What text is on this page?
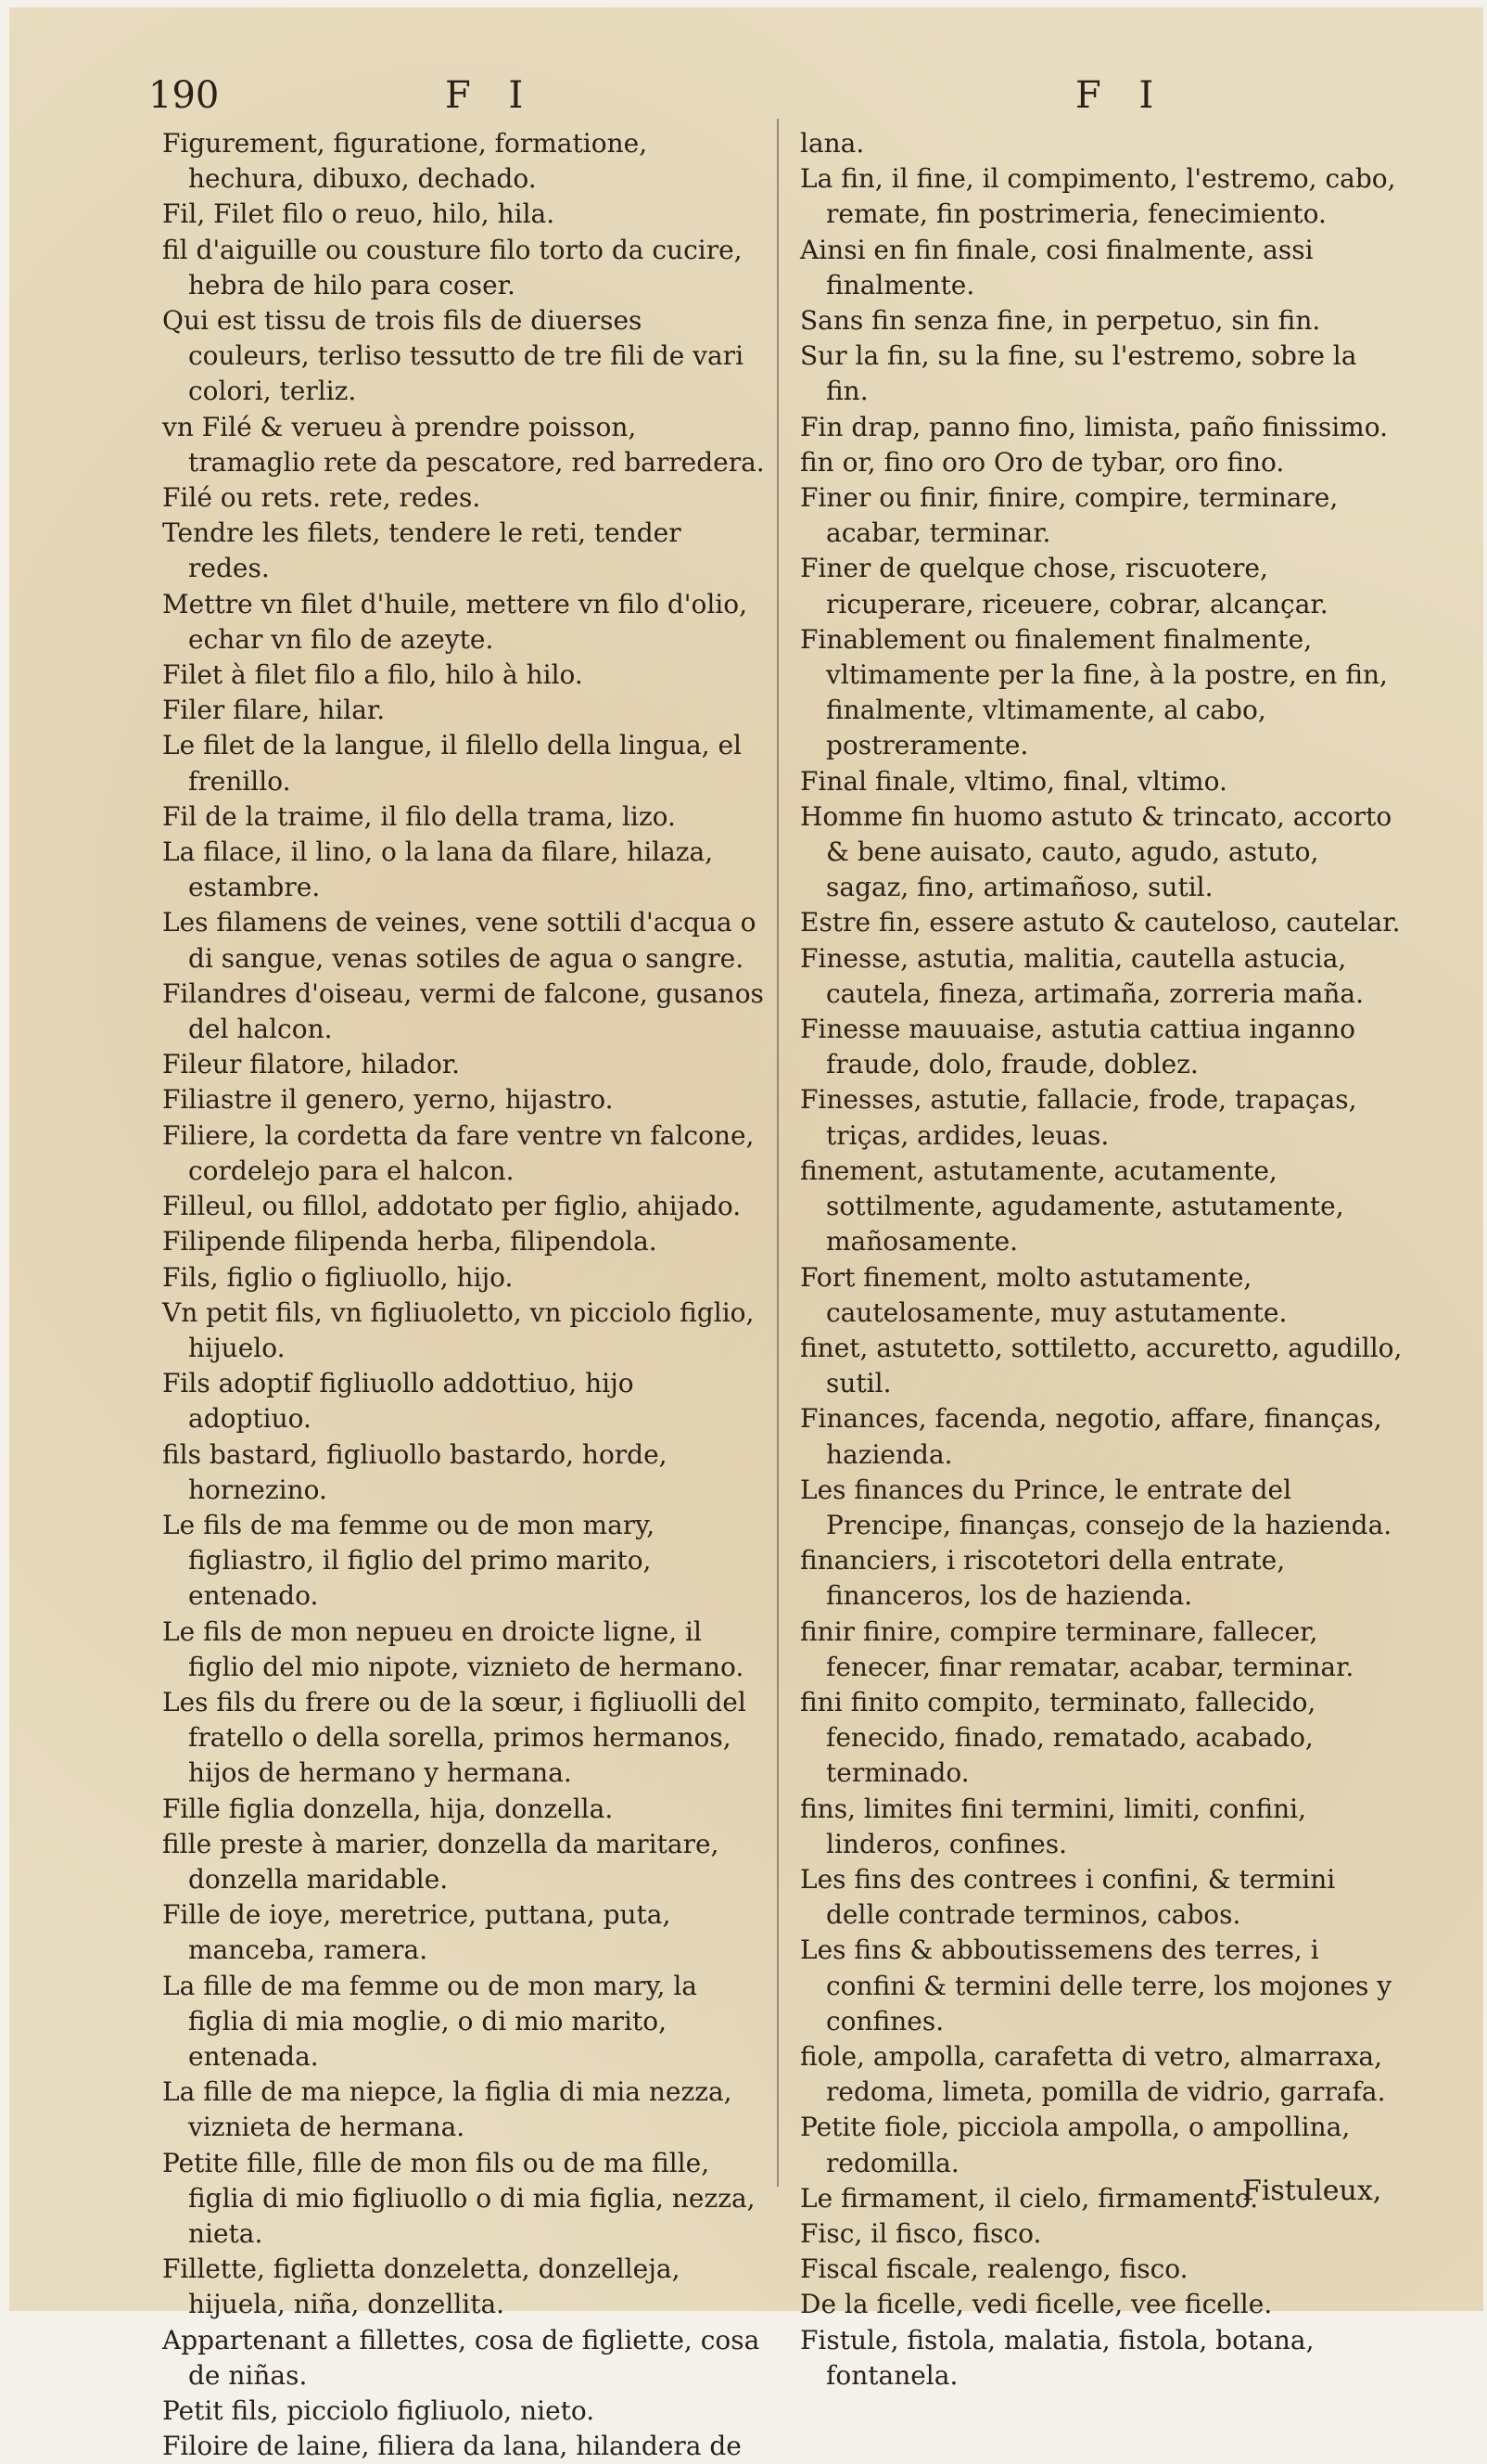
190	F I	F I

Figurement, figuratione, formatione, hechura, dibuxo, dechado.

Fil, Filet filo o reuo, hilo, hila.

fil d'aiguille ou cousture filo torto da cucire, hebra de hilo para coser.

Qui est tissu de trois fils de diuerses couleurs, terliso tessutto de tre fili de vari colori, terliz.

vn Filé & verueu à prendre poisson, tramaglio rete da pescatore, red barredera.

Filé ou rets. rete, redes.

Tendre les filets, tendere le reti, tender redes.

Mettre vn filet d'huile, mettere vn filo d'olio, echar vn filo de azeyte.

Filet à filet filo a filo, hilo à hilo.

Filer filare, hilar.

Le filet de la langue, il filello della lingua, el frenillo.

Fil de la traime, il filo della trama, lizo.

La filace, il lino, o la lana da filare, hilaza, estambre.

Les filamens de veines, vene sottili d'acqua o di sangue, venas sotiles de agua o sangre.

Filandres d'oiseau, vermi de falcone, gusanos del halcon.

Fileur filatore, hilador.

Filiastre il genero, yerno, hijastro.

Filiere, la cordetta da fare ventre vn falcone, cordelejo para el halcon.

Filleul, ou fillol, addotato per figlio, ahijado.

Filipende filipenda herba, filipendola.

Fils, figlio o figliuollo, hijo.

Vn petit fils, vn figliuoletto, vn picciolo figlio, hijuelo.

Fils adoptif figliuollo addottiuo, hijo adoptiuo.

fils bastard, figliuollo bastardo, horde, hornezino.

Le fils de ma femme ou de mon mary, figliastro, il figlio del primo marito, entenado.

Le fils de mon nepueu en droicte ligne, il figlio del mio nipote, viznieto de hermano.

Les fils du frere ou de la sœur, i figliuolli del fratello o della sorella, primos hermanos, hijos de hermano y hermana.

Fille figlia donzella, hija, donzella.

fille preste à marier, donzella da maritare, donzella maridable.

Fille de ioye, meretrice, puttana, puta, manceba, ramera.

La fille de ma femme ou de mon mary, la figlia di mia moglie, o di mio marito, entenada.

La fille de ma niepce, la figlia di mia nezza, viznieta de hermana.

Petite fille, fille de mon fils ou de ma fille, figlia di mio figliuollo o di mia figlia, nezza, nieta.

Fillette, figlietta donzeletta, donzelleja, hijuela, niña, donzellita.

Appartenant a fillettes, cosa de figliette, cosa de niñas.

Petit fils, picciolo figliuolo, nieto.

Filoire de laine, filiera da lana, hilandera de

lana.

La fin, il fine, il compimento, l'estremo, cabo, remate, fin postrimeria, fenecimiento.

Ainsi en fin finale, cosi finalmente, assi finalmente.

Sans fin senza fine, in perpetuo, sin fin.

Sur la fin, su la fine, su l'estremo, sobre la fin.

Fin drap, panno fino, limista, paño finissimo.

fin or, fino oro Oro de tybar, oro fino.

Finer ou finir, finire, compire, terminare, acabar, terminar.

Finer de quelque chose, riscuotere, ricuperare, riceuere, cobrar, alcançar.

Finablement ou finalement finalmente, vltimamente per la fine, à la postre, en fin, finalmente, vltimamente, al cabo, postreramente.

Final finale, vltimo, final, vltimo.

Homme fin huomo astuto & trincato, accorto & bene auisato, cauto, agudo, astuto, sagaz, fino, artimañoso, sutil.

Estre fin, essere astuto & cauteloso, cautelar.

Finesse, astutia, malitia, cautella astucia, cautela, fineza, artimaña, zorreria maña.

Finesse mauuaise, astutia cattiua inganno fraude, dolo, fraude, doblez.

Finesses, astutie, fallacie, frode, trapaças, triças, ardides, leuas.

finement, astutamente, acutamente, sottilmente, agudamente, astutamente, mañosamente.

Fort finement, molto astutamente, cautelosamente, muy astutamente.

finet, astutetto, sottiletto, accuretto, agudillo, sutil.

Finances, facenda, negotio, affare, finanças, hazienda.

Les finances du Prince, le entrate del Prencipe, finanças, consejo de la hazienda.

financiers, i riscotetori della entrate, financeros, los de hazienda.

finir finire, compire terminare, fallecer, fenecer, finar rematar, acabar, terminar.

fini finito compito, terminato, fallecido, fenecido, finado, rematado, acabado, terminado.

fins, limites fini termini, limiti, confini, linderos, confines.

Les fins des contrees i confini, & termini delle contrade terminos, cabos.

Les fins & abboutissemens des terres, i confini & termini delle terre, los mojones y confines.

fiole, ampolla, carafetta di vetro, almarraxa, redoma, limeta, pomilla de vidrio, garrafa.

Petite fiole, picciola ampolla, o ampollina, redomilla.

Le firmament, il cielo, firmamento.

Fisc, il fisco, fisco.

Fiscal fiscale, realengo, fisco.

De la ficelle, vedi ficelle, vee ficelle.

Fistule, fistola, malatia, fistola, botana, fontanela.

Fistuleux,
